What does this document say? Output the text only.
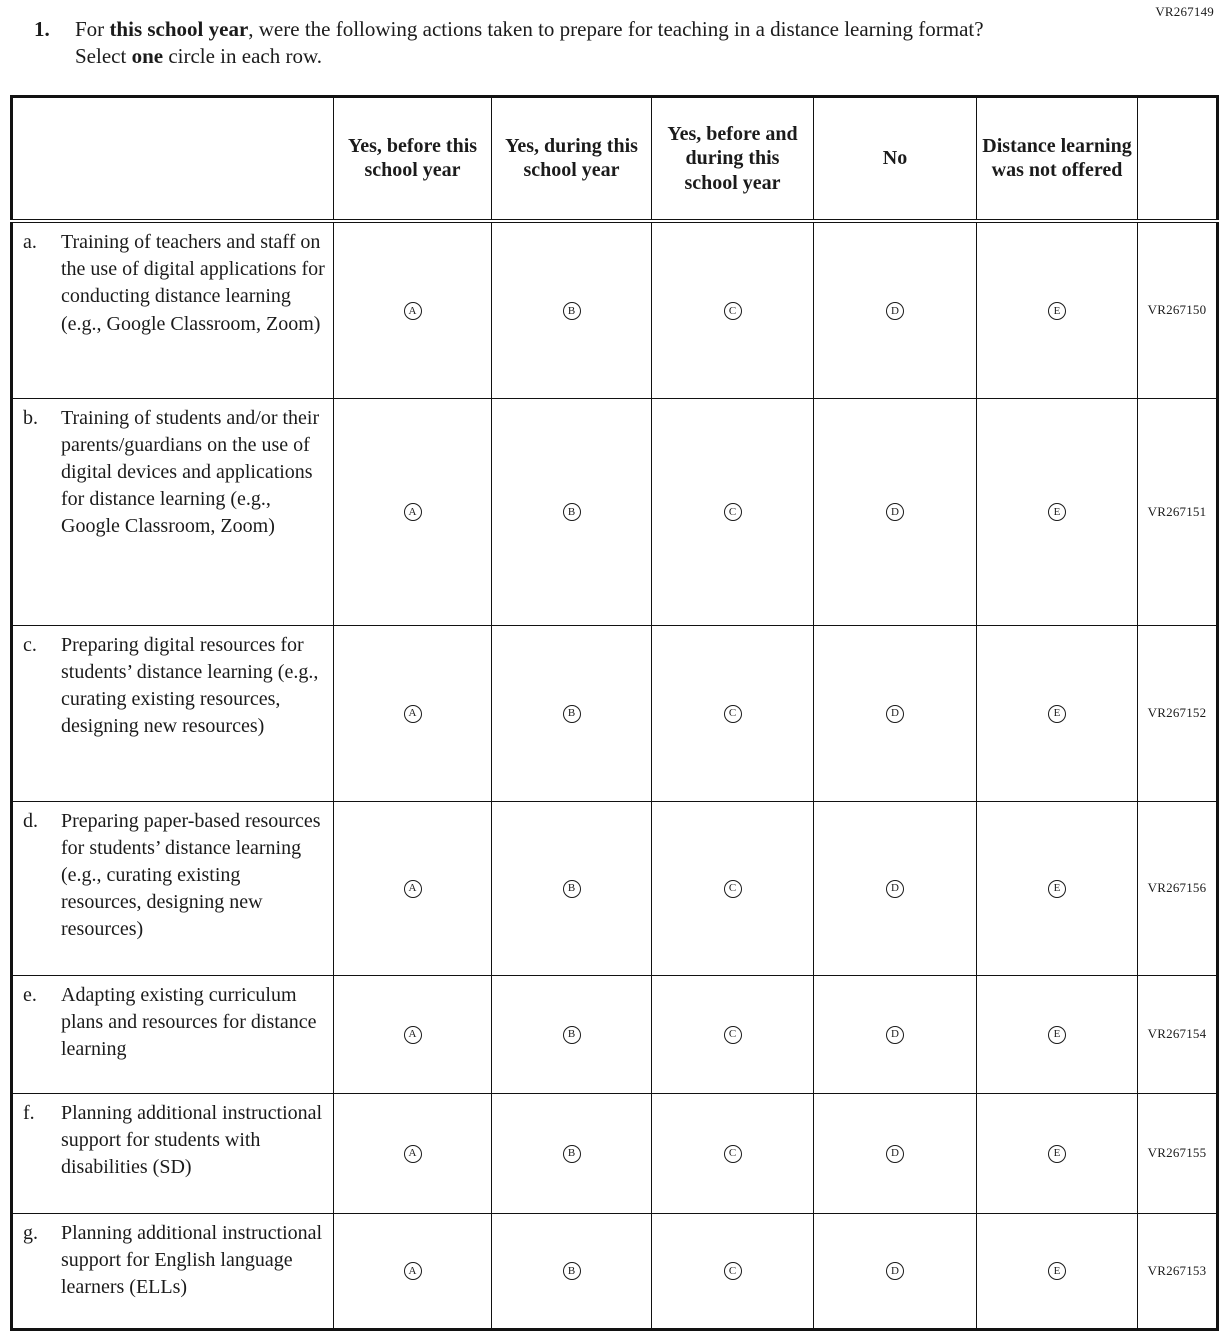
VR267149
1.	For this school year, were the following actions taken to prepare for teaching in a distance learning format? Select one circle in each row.
	Yes, before this school year	Yes, during this school year	Yes, before and during this school year	No	Distance learning was not offered	

a. Training of teachers and staff on the use of digital applications for conducting distance learning (e.g., Google Classroom, Zoom)	A	B	C	D	E	VR267150

b. Training of students and/or their parents/guardians on the use of digital devices and applications for distance learning (e.g., Google Classroom, Zoom)	A	B	C	D	E	VR267151

c. Preparing digital resources for students’ distance learning (e.g., curating existing resources, designing new resources)	A	B	C	D	E	VR267152

d. Preparing paper-based resources for students’ distance learning (e.g., curating existing resources, designing new resources)	A	B	C	D	E	VR267156

e. Adapting existing curriculum plans and resources for distance learning	A	B	C	D	E	VR267154

f. Planning additional instructional support for students with disabilities (SD)	A	B	C	D	E	VR267155

g. Planning additional instructional support for English language learners (ELLs)	A	B	C	D	E	VR267153
